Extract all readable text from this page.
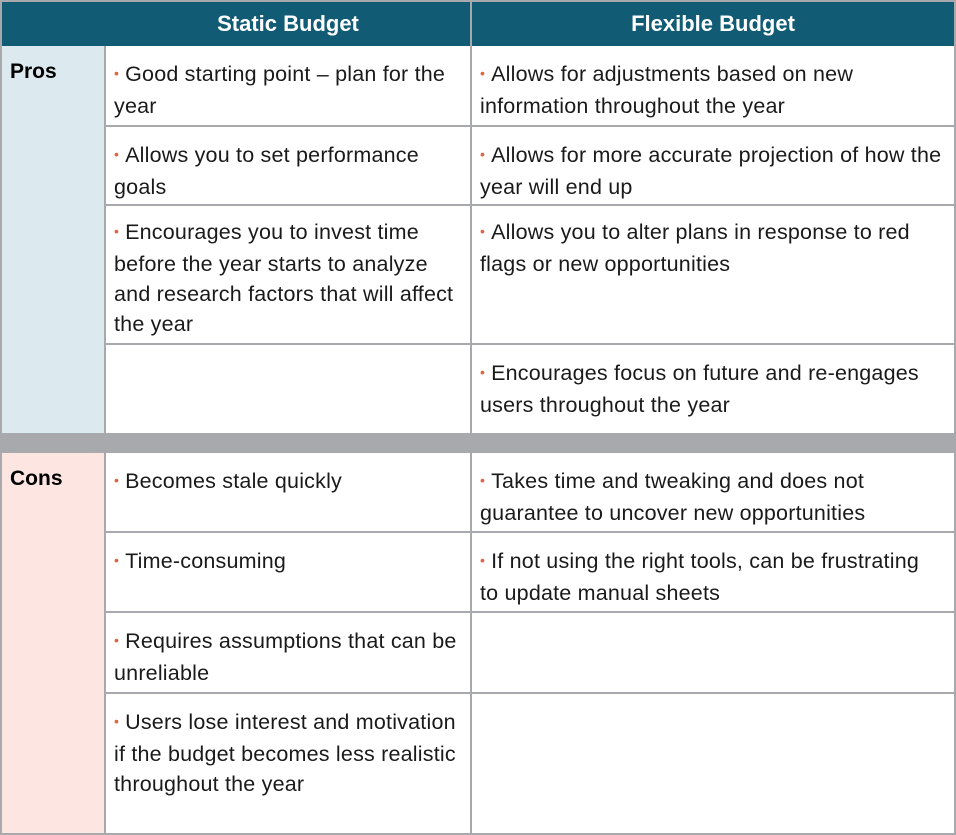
Static Budget	Flexible Budget
Pros
Cons
• Good starting point – plan for the year
• Allows you to set performance goals
• Encourages you to invest time before the year starts to analyze and research factors that will affect the year
• Allows for adjustments based on new information throughout the year
• Allows for more accurate projection of how the year will end up
• Allows you to alter plans in response to red flags or new opportunities
• Encourages focus on future and re-engages users throughout the year
• Becomes stale quickly
• Time-consuming
• Requires assumptions that can be unreliable
• Users lose interest and motivation if the budget becomes less realistic throughout the year
• Takes time and tweaking and does not guarantee to uncover new opportunities
• If not using the right tools, can be frustrating to update manual sheets
